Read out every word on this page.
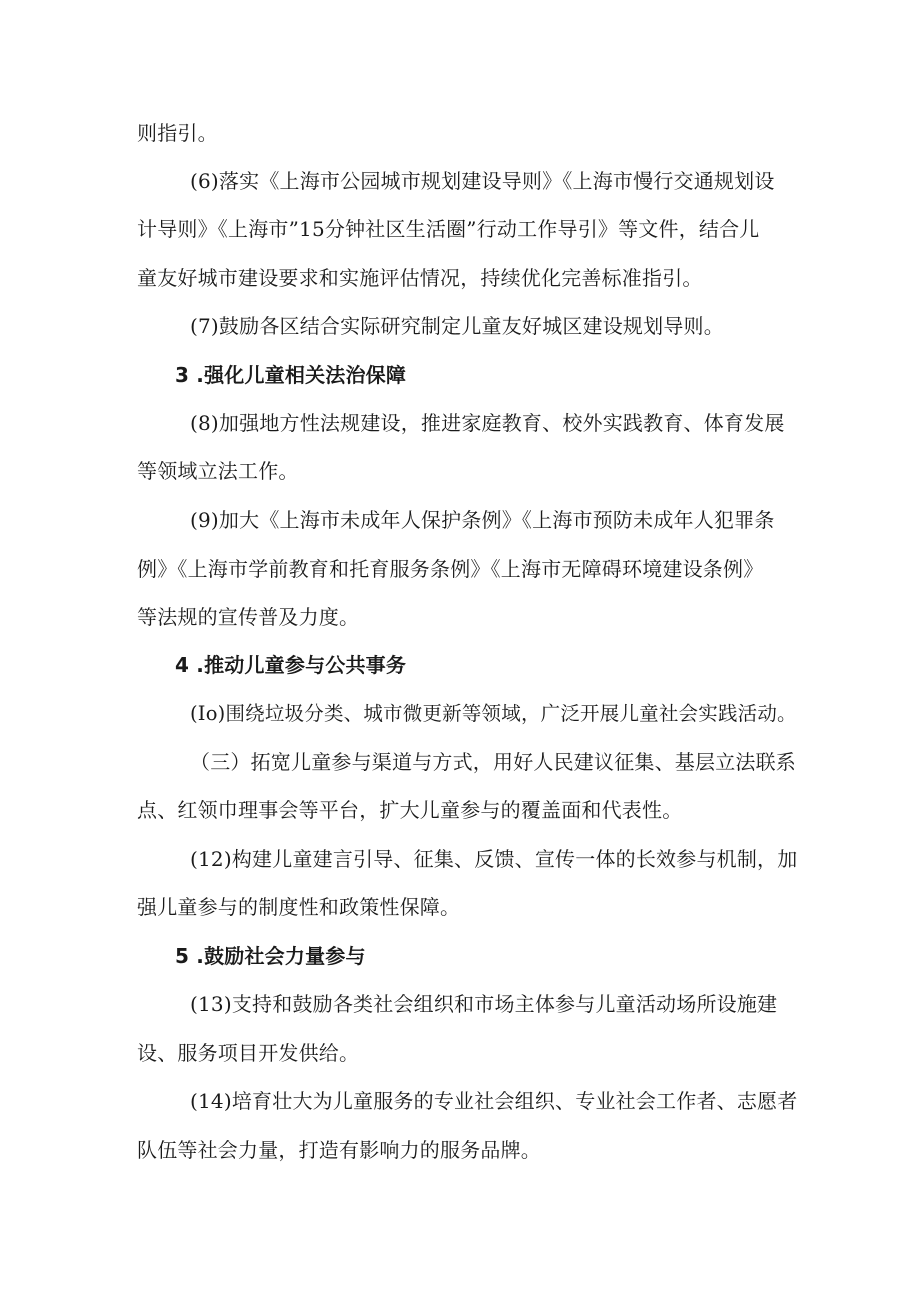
则指引。
(6)落实《上海市公园城市规划建设导则》《上海市慢行交通规划设
计导则》《上海市”15分钟社区生活圈”行动工作导引》等文件，结合儿
童友好城市建设要求和实施评估情况，持续优化完善标准指引。
(7)鼓励各区结合实际研究制定儿童友好城区建设规划导则。
3 .强化儿童相关法治保障
(8)加强地方性法规建设，推进家庭教育、校外实践教育、体育发展
等领域立法工作。
(9)加大《上海市未成年人保护条例》《上海市预防未成年人犯罪条
例》《上海市学前教育和托育服务条例》《上海市无障碍环境建设条例》
等法规的宣传普及力度。
4 .推动儿童参与公共事务
(Io)围绕垃圾分类、城市微更新等领域，广泛开展儿童社会实践活动。
（三）拓宽儿童参与渠道与方式，用好人民建议征集、基层立法联系
点、红领巾理事会等平台，扩大儿童参与的覆盖面和代表性。
(12)构建儿童建言引导、征集、反馈、宣传一体的长效参与机制，加
强儿童参与的制度性和政策性保障。
5 .鼓励社会力量参与
(13)支持和鼓励各类社会组织和市场主体参与儿童活动场所设施建
设、服务项目开发供给。
(14)培育壮大为儿童服务的专业社会组织、专业社会工作者、志愿者
队伍等社会力量，打造有影响力的服务品牌。
